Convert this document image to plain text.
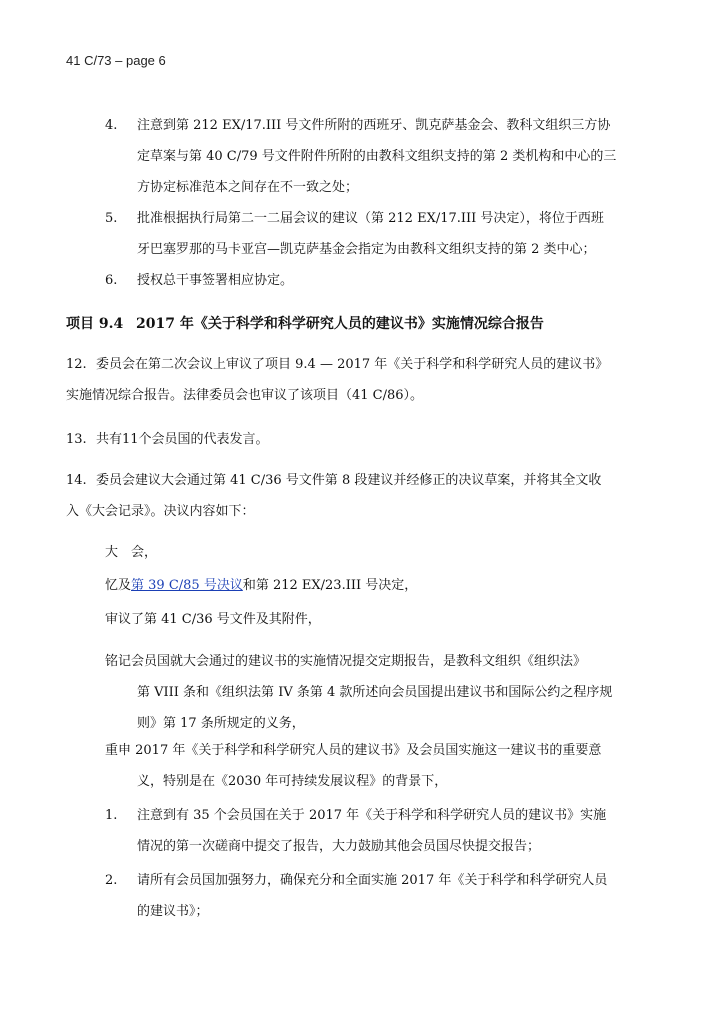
41 C/73 – page 6
4.	注意到第 212 EX/17.III 号文件所附的西班牙、凯克萨基金会、教科文组织三方协
定草案与第 40 C/79 号文件附件所附的由教科文组织支持的第 2 类机构和中心的三
方协定标准范本之间存在不一致之处；
5.	批准根据执行局第二一二届会议的建议（第 212 EX/17.III 号决定），将位于西班
牙巴塞罗那的马卡亚宫—凯克萨基金会指定为由教科文组织支持的第 2 类中心；
6.	授权总干事签署相应协定。
项目 9.4 2017 年《关于科学和科学研究人员的建议书》实施情况综合报告
12. 委员会在第二次会议上审议了项目 9.4 — 2017 年《关于科学和科学研究人员的建议书》
实施情况综合报告。法律委员会也审议了该项目（41 C/86）。
13. 共有11个会员国的代表发言。
14. 委员会建议大会通过第 41 C/36 号文件第 8 段建议并经修正的决议草案，并将其全文收
入《大会记录》。决议内容如下：
大　会，
忆及第 39 C/85 号决议和第 212 EX/23.III 号决定，
审议了第 41 C/36 号文件及其附件，
铭记会员国就大会通过的建议书的实施情况提交定期报告，是教科文组织《组织法》
第 VIII 条和《组织法第 IV 条第 4 款所述向会员国提出建议书和国际公约之程序规
则》第 17 条所规定的义务，
重申 2017 年《关于科学和科学研究人员的建议书》及会员国实施这一建议书的重要意
义，特别是在《2030 年可持续发展议程》的背景下，
1.	注意到有 35 个会员国在关于 2017 年《关于科学和科学研究人员的建议书》实施
情况的第一次磋商中提交了报告，大力鼓励其他会员国尽快提交报告；
2.	请所有会员国加强努力，确保充分和全面实施 2017 年《关于科学和科学研究人员
的建议书》；
